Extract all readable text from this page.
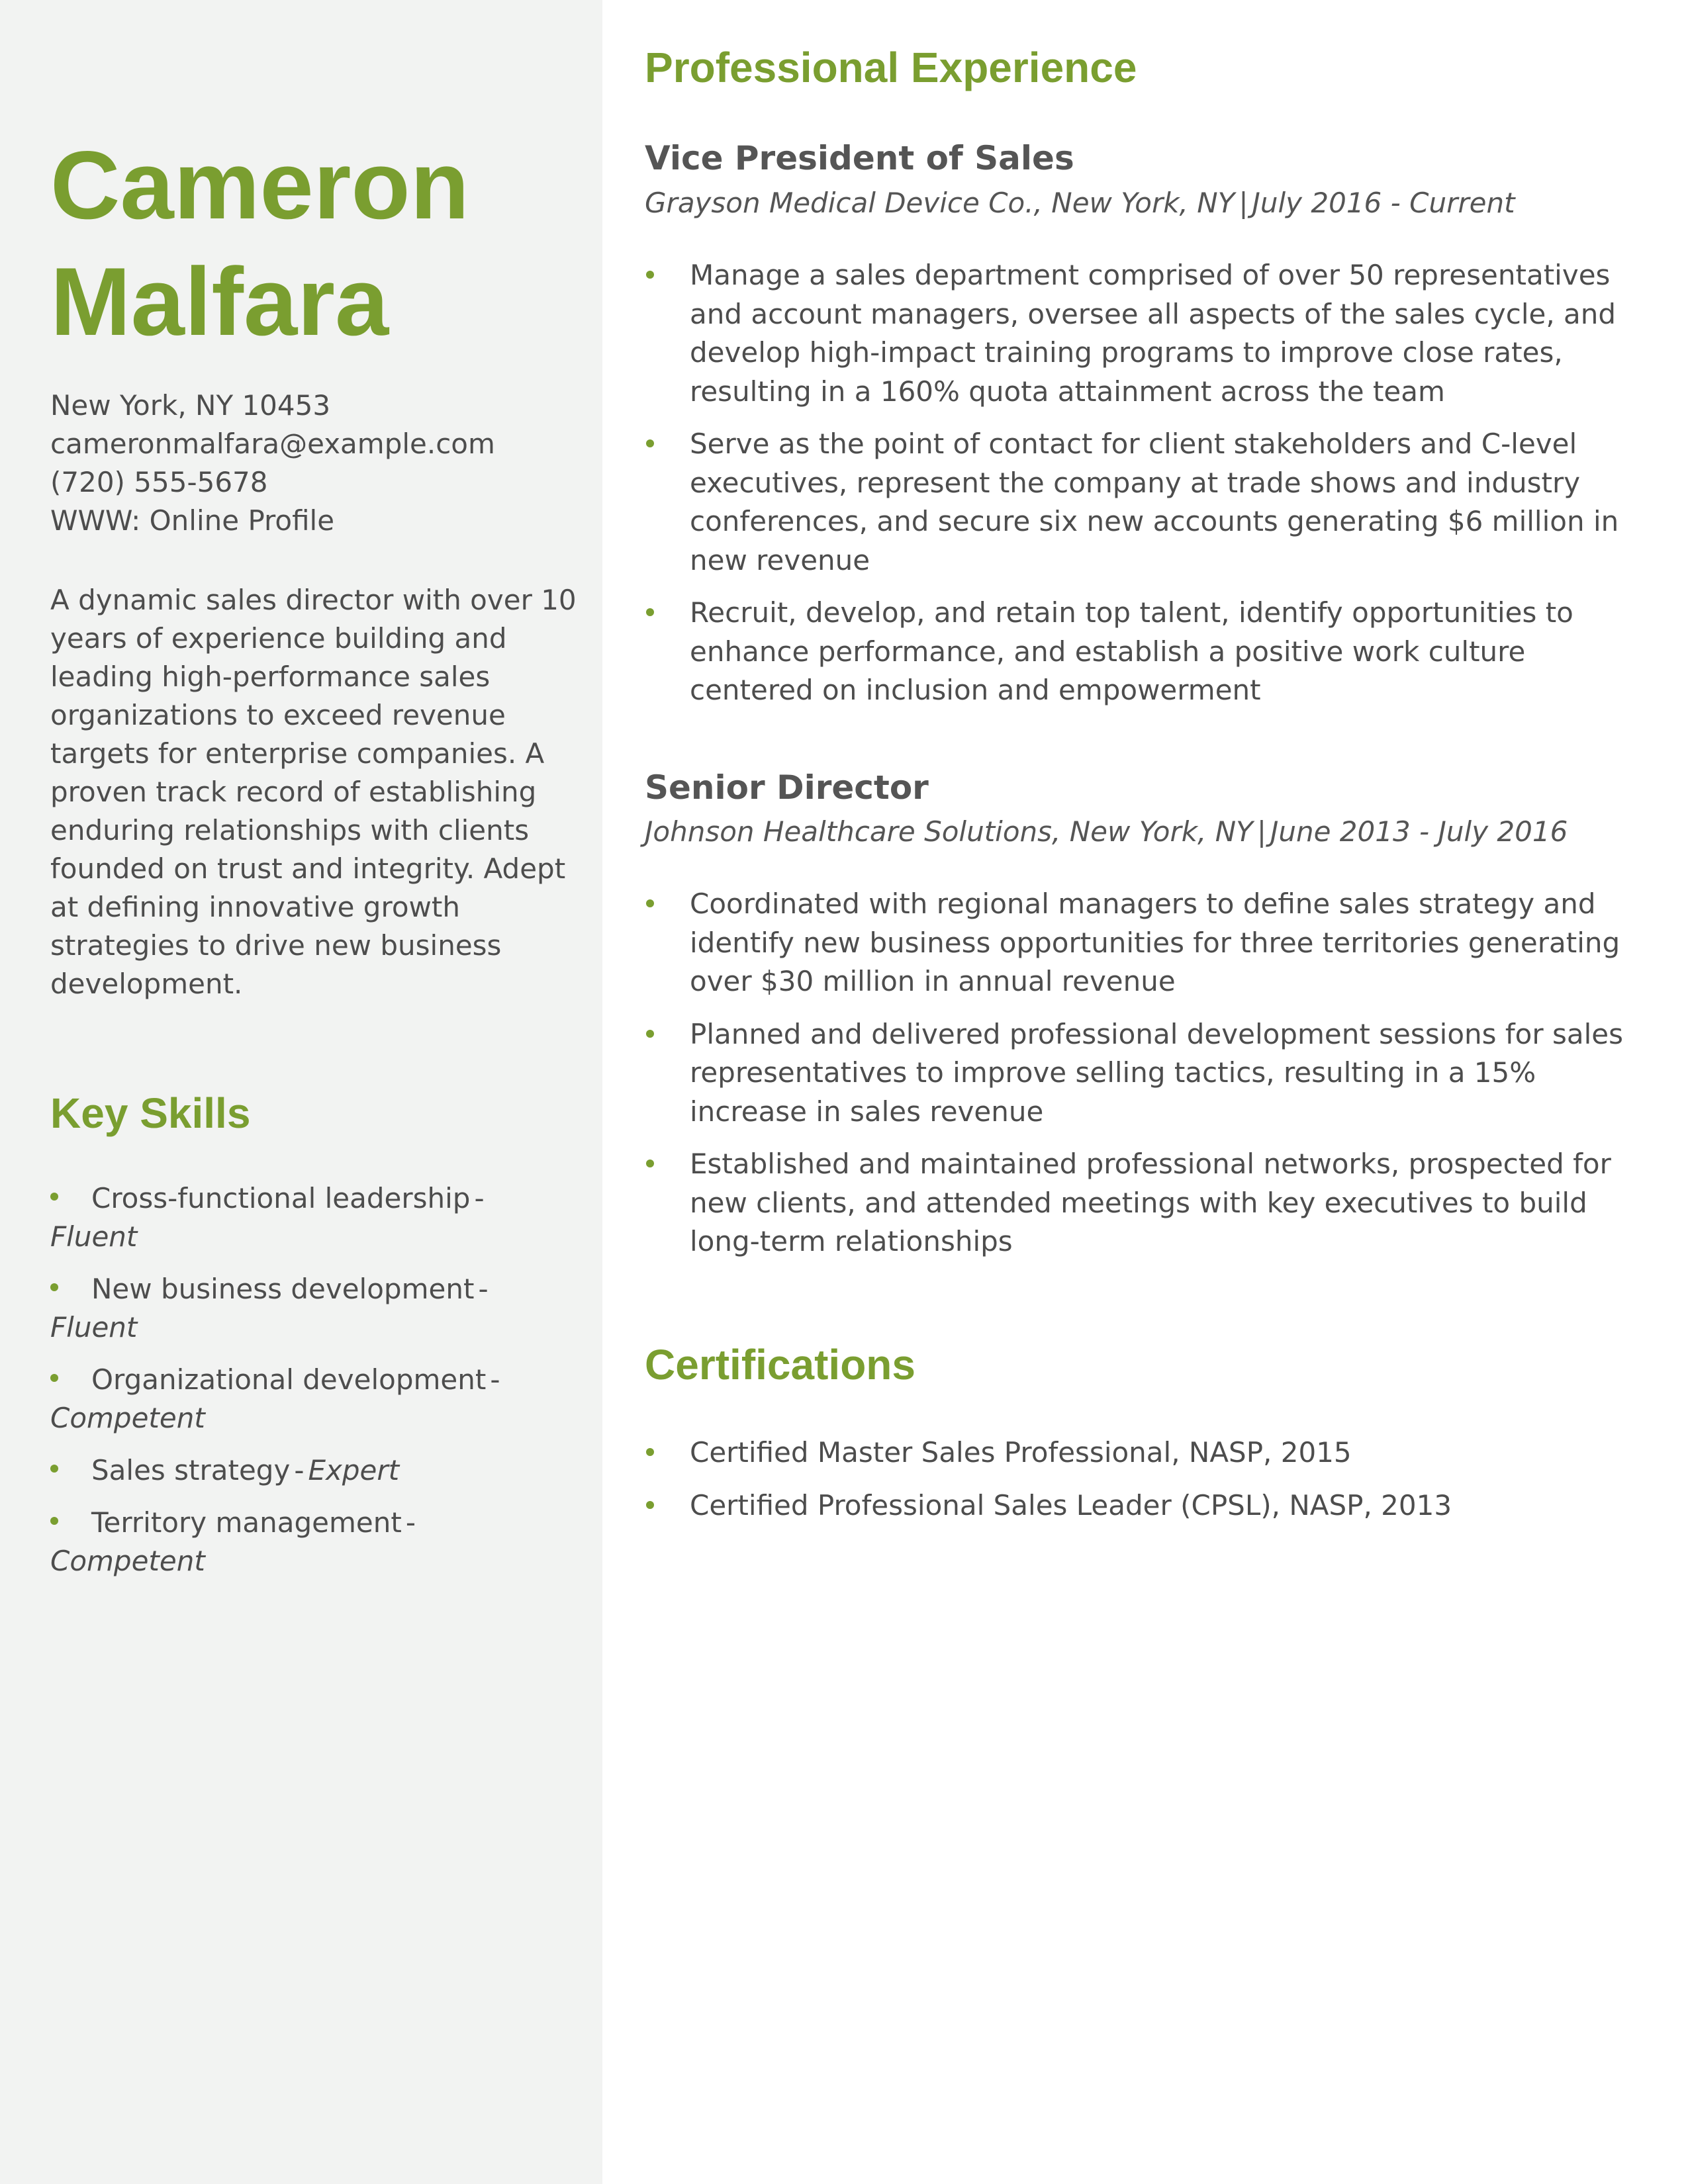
Cameron
Malfara
New York, NY 10453
cameronmalfara@example.com
(720) 555-5678
WWW: Online Profile

A dynamic sales director with over 10 years of experience building and leading high-performance sales organizations to exceed revenue targets for enterprise companies. A proven track record of establishing enduring relationships with clients founded on trust and integrity. Adept at defining innovative growth strategies to drive new business development.

Key Skills
Cross-functional leadership -Fluent
New business development -Fluent
Organizational development -Competent
Sales strategy - Expert
Territory management -Competent
Professional Experience
Vice President of Sales
Grayson Medical Device Co., New York, NY | July 2016 - Current
Manage a sales department comprised of over 50 representatives and account managers, oversee all aspects of the sales cycle, and develop high-impact training programs to improve close rates, resulting in a 160% quota attainment across the team
Serve as the point of contact for client stakeholders and C-level executives, represent the company at trade shows and industry conferences, and secure six new accounts generating $6 million in new revenue
Recruit, develop, and retain top talent, identify opportunities to enhance performance, and establish a positive work culture centered on inclusion and empowerment
Senior Director
Johnson Healthcare Solutions, New York, NY | June 2013 - July 2016
Coordinated with regional managers to define sales strategy and identify new business opportunities for three territories generating over $30 million in annual revenue
Planned and delivered professional development sessions for sales representatives to improve selling tactics, resulting in a 15% increase in sales revenue
Established and maintained professional networks, prospected for new clients, and attended meetings with key executives to build long-term relationships
Certifications
Certified Master Sales Professional, NASP, 2015
Certified Professional Sales Leader (CPSL), NASP, 2013
